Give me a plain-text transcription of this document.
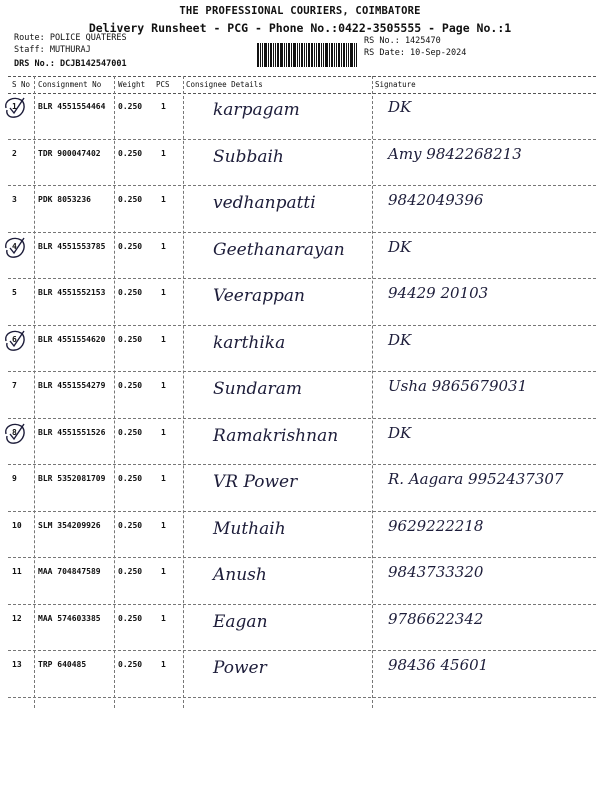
THE PROFESSIONAL COURIERS, COIMBATORE
Delivery Runsheet - PCG - Phone No.:0422-3505555 - Page No.:1
Route: POLICE QUATERES
Staff: MUTHURAJ
DRS No.: DCJB142547001
RS No.: 1425470
RS Date: 10-Sep-2024
S No Consignment No Weight PCS Consignee Details	Signature
1	BLR 4551554464 0.250 1	karpagam	DK
2	TDR 900047402 0.250 1	Subbaih	Amy 9842268213
3	PDK 8053236	0.250 1	vedhanpatti	9842049396
4	BLR 4551553785 0.250 1	Geethanarayan	DK
5	BLR 4551552153 0.250 1	Veerappan	94429 20103
6	BLR 4551554620 0.250 1	karthika	DK
7	BLR 4551554279 0.250 1	Sundaram	Usha 9865679031
8	BLR 4551551526 0.250 1	Ramakrishnan	DK
9	BLR 5352081709 0.250 1	VR Power	R. Aagara 9952437307
10 SLM 354209926 0.250 1	Muthaih	9629222218
11 MAA 704847589 0.250 1	Anush	9843733320
12 MAA 574603385 0.250 1	Eagan	9786622342
13 TRP 640485	0.250 1	Power	98436 45601
